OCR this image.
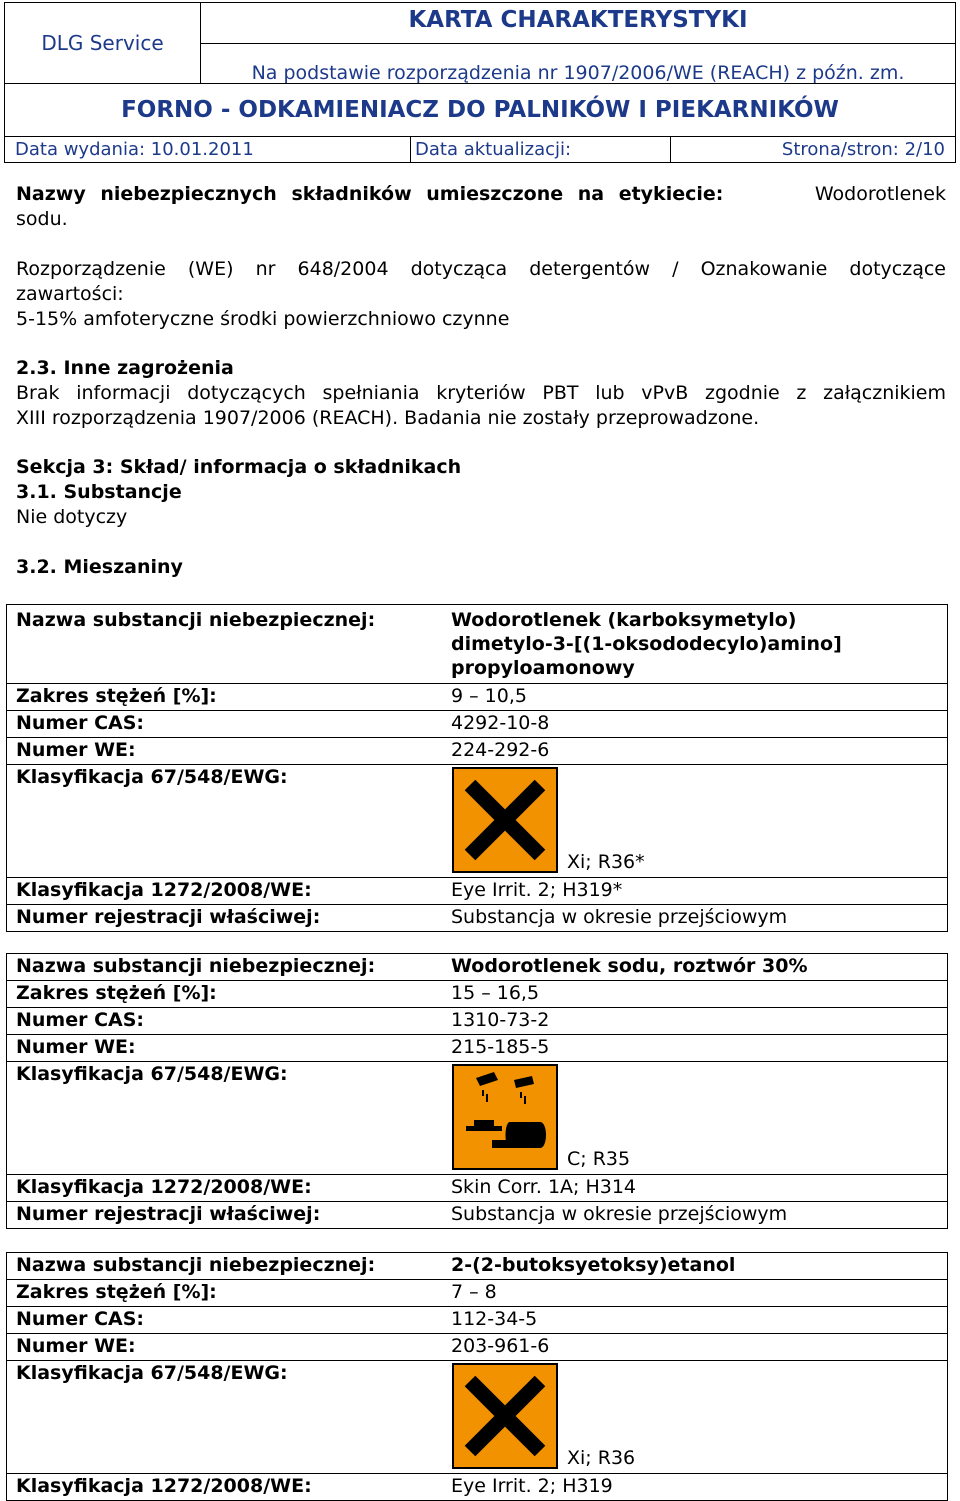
DLG Service	
KARTA CHARAKTERYSTYKI
Na podstawie rozporządzenia nr 1907/2006/WE (REACH) z późn. zm.
FORNO - ODKAMIENIACZ DO PALNIKÓW I PIEKARNIKÓW
Data wydania: 10.01.2011	Data aktualizacji:	Strona/stron: 2/10
Nazwy niebezpiecznych składników umieszczone na etykiecie:	Wodorotlenek
sodu.
Rozporządzenie (WE) nr 648/2004 dotycząca detergentów / Oznakowanie dotyczące
zawartości:
5-15% amfoteryczne środki powierzchniowo czynne
2.3. Inne zagrożenia
Brak informacji dotyczących spełniania kryteriów PBT lub vPvB zgodnie z załącznikiem
XIII rozporządzenia 1907/2006 (REACH). Badania nie zostały przeprowadzone.
Sekcja 3: Skład/ informacja o składnikach
3.1. Substancje
Nie dotyczy
3.2. Mieszaniny
Nazwa substancji niebezpiecznej:	Wodorotlenek (karboksymetylo)
dimetylo-3-[(1-oksododecylo)amino]
propyloamonowy
Zakres stężeń [%]:	9 – 10,5
Numer CAS:	4292-10-8
Numer WE:	224-292-6
Klasyfikacja 67/548/EWG:
Xi; R36*
Klasyfikacja 1272/2008/WE:	Eye Irrit. 2; H319*
Numer rejestracji właściwej:	Substancja w okresie przejściowym
Nazwa substancji niebezpiecznej:	Wodorotlenek sodu, roztwór 30%
Zakres stężeń [%]:	15 – 16,5
Numer CAS:	1310-73-2
Numer WE:	215-185-5
Klasyfikacja 67/548/EWG:
C; R35
Klasyfikacja 1272/2008/WE:	Skin Corr. 1A; H314
Numer rejestracji właściwej:	Substancja w okresie przejściowym
Nazwa substancji niebezpiecznej:	2-(2-butoksyetoksy)etanol
Zakres stężeń [%]:	7 – 8
Numer CAS:	112-34-5
Numer WE:	203-961-6
Klasyfikacja 67/548/EWG:
Xi; R36
Klasyfikacja 1272/2008/WE:	Eye Irrit. 2; H319
